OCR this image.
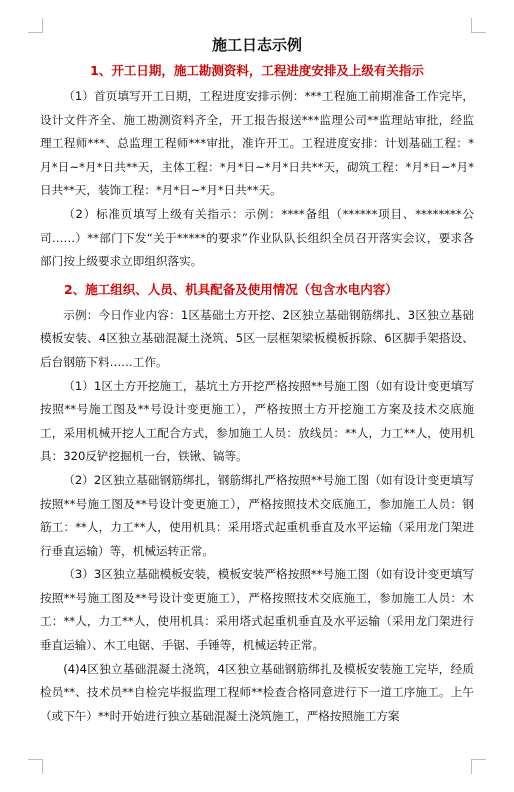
施工日志示例
1、开工日期，施工勘测资料，工程进度安排及上级有关指示

（1）首页填写开工日期，工程进度安排示例：***工程施工前期准备工作完毕，设计文件齐全、施工勘测资料齐全，开工报告报送***监理公司**监理站审批，经监理工程师***、总监理工程师***审批，准许开工。工程进度安排：计划基础工程：*月*日~*月*日共**天，主体工程：*月*日~*月*日共**天，砌筑工程：*月*日~*月*日共**天，装饰工程：*月*日~*月*日共**天。

（2）标准页填写上级有关指示：示例：****备组（******项目、********公司……）**部门下发“关于*****的要求”作业队队长组织全员召开落实会议，要求各部门按上级要求立即组织落实。

2、施工组织、人员、机具配备及使用情况（包含水电内容）

示例：今日作业内容：1区基础土方开挖、2区独立基础钢筋绑扎、3区独立基础模板安装、4区独立基础混凝土浇筑、5区一层框架梁板模板拆除、6区脚手架搭设、后台钢筋下料……工作。

（1）1区土方开挖施工，基坑土方开挖严格按照**号施工图（如有设计变更填写按照**号施工图及**号设计变更施工），严格按照土方开挖施工方案及技术交底施工，采用机械开挖人工配合方式，参加施工人员：放线员：**人，力工**人，使用机具：320反铲挖掘机一台，铁锹、镐等。

（2）2区独立基础钢筋绑扎，钢筋绑扎严格按照**号施工图（如有设计变更填写按照**号施工图及**号设计变更施工），严格按照技术交底施工，参加施工人员：钢筋工：**人，力工**人，使用机具：采用塔式起重机垂直及水平运输（采用龙门架进行垂直运输）等，机械运转正常。

（3）3区独立基础模板安装，模板安装严格按照**号施工图（如有设计变更填写按照**号施工图及**号设计变更施工），严格按照技术交底施工，参加施工人员：木工：**人，力工**人，使用机具：采用塔式起重机垂直及水平运输（采用龙门架进行垂直运输）、木工电锯、手锯、手锤等，机械运转正常。

(4)4区独立基础混凝土浇筑，4区独立基础钢筋绑扎及模板安装施工完毕，经质检员**、技术员**自检完毕报监理工程师**检查合格同意进行下一道工序施工。上午（或下午）**时开始进行独立基础混凝土浇筑施工，严格按照施工方案
